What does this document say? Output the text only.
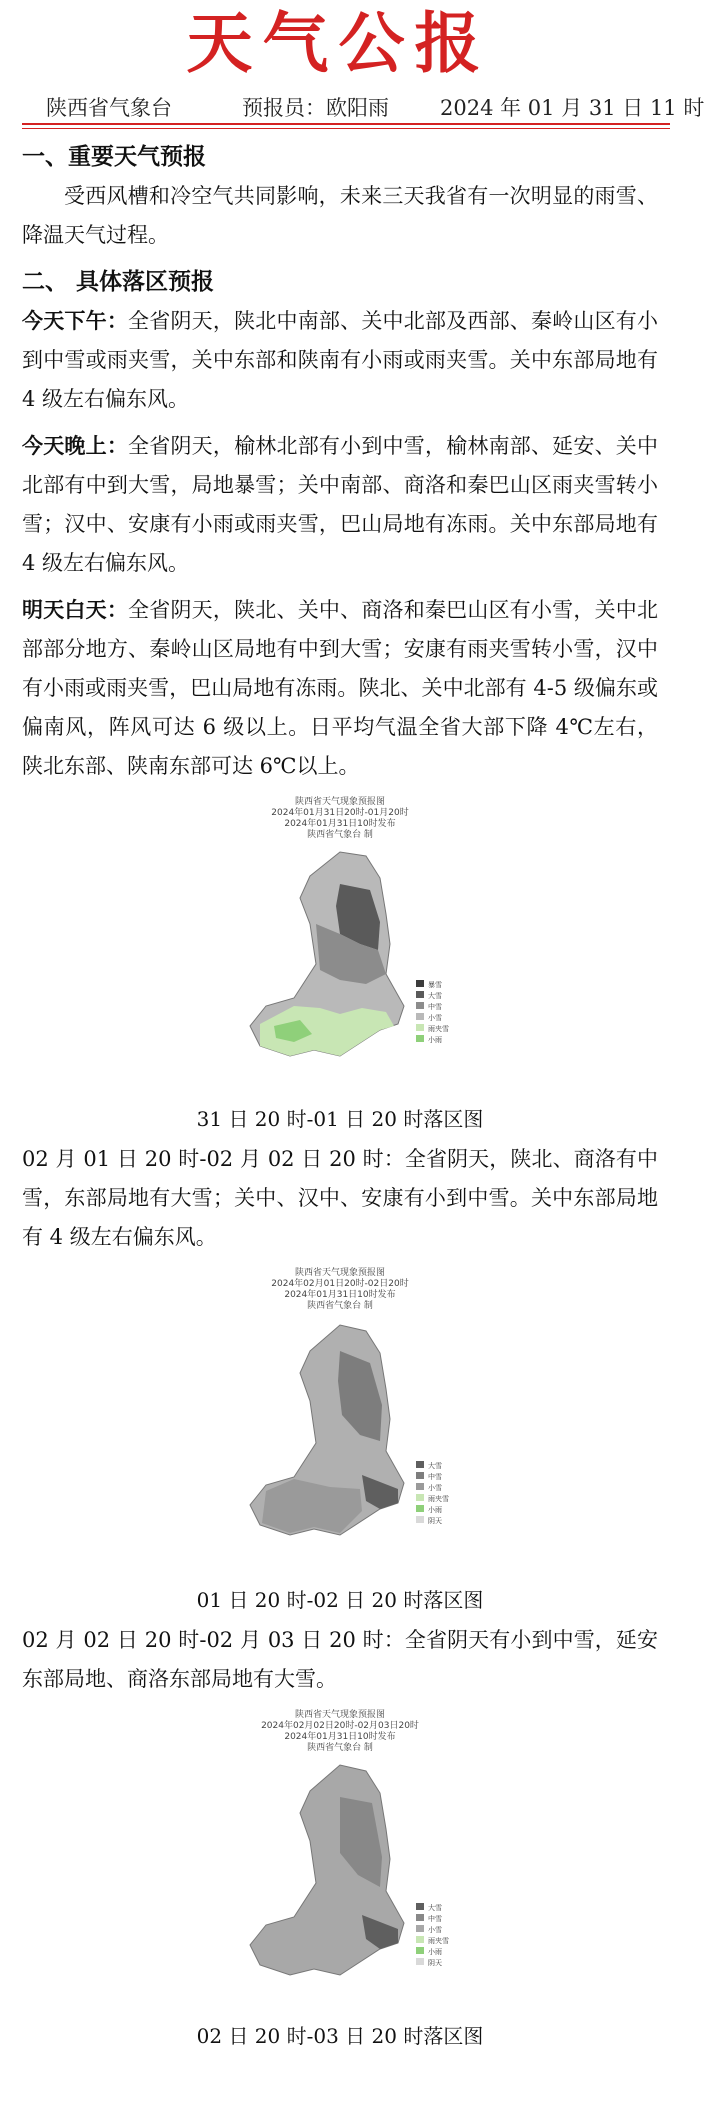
天气公报
陕西省气象台	预报员：欧阳雨 2024 年 01 月 31 日 11 时
一、重要天气预报

受西风槽和冷空气共同影响，未来三天我省有一次明显的雨雪、降温天气过程。

二、 具体落区预报

今天下午：全省阴天，陕北中南部、关中北部及西部、秦岭山区有小到中雪或雨夹雪，关中东部和陕南有小雨或雨夹雪。关中东部局地有 4 级左右偏东风。

今天晚上：全省阴天，榆林北部有小到中雪，榆林南部、延安、关中北部有中到大雪，局地暴雪；关中南部、商洛和秦巴山区雨夹雪转小雪；汉中、安康有小雨或雨夹雪，巴山局地有冻雨。关中东部局地有 4 级左右偏东风。

明天白天：全省阴天，陕北、关中、商洛和秦巴山区有小雪，关中北部部分地方、秦岭山区局地有中到大雪；安康有雨夹雪转小雪，汉中有小雨或雨夹雪，巴山局地有冻雨。陕北、关中北部有 4-5 级偏东或偏南风，阵风可达 6 级以上。日平均气温全省大部下降 4℃左右，陕北东部、陕南东部可达 6℃以上。

陕西省天气现象预报图
2024年01月31日20时-01月20时
2024年01月31日10时发布
陕西省气象台 制
暴雪
大雪
中雪
小雪
雨夹雪
小雨
31 日 20 时-01 日 20 时落区图

02 月 01 日 20 时-02 月 02 日 20 时：全省阴天，陕北、商洛有中雪，东部局地有大雪；关中、汉中、安康有小到中雪。关中东部局地有 4 级左右偏东风。

陕西省天气现象预报图
2024年02月01日20时-02日20时
2024年01月31日10时发布
陕西省气象台 制
大雪
中雪
小雪
雨夹雪
小雨
阴天
01 日 20 时-02 日 20 时落区图

02 月 02 日 20 时-02 月 03 日 20 时：全省阴天有小到中雪，延安东部局地、商洛东部局地有大雪。

陕西省天气现象预报图
2024年02月02日20时-02月03日20时
2024年01月31日10时发布
陕西省气象台 制
大雪
中雪
小雪
雨夹雪
小雨
阴天
02 日 20 时-03 日 20 时落区图
